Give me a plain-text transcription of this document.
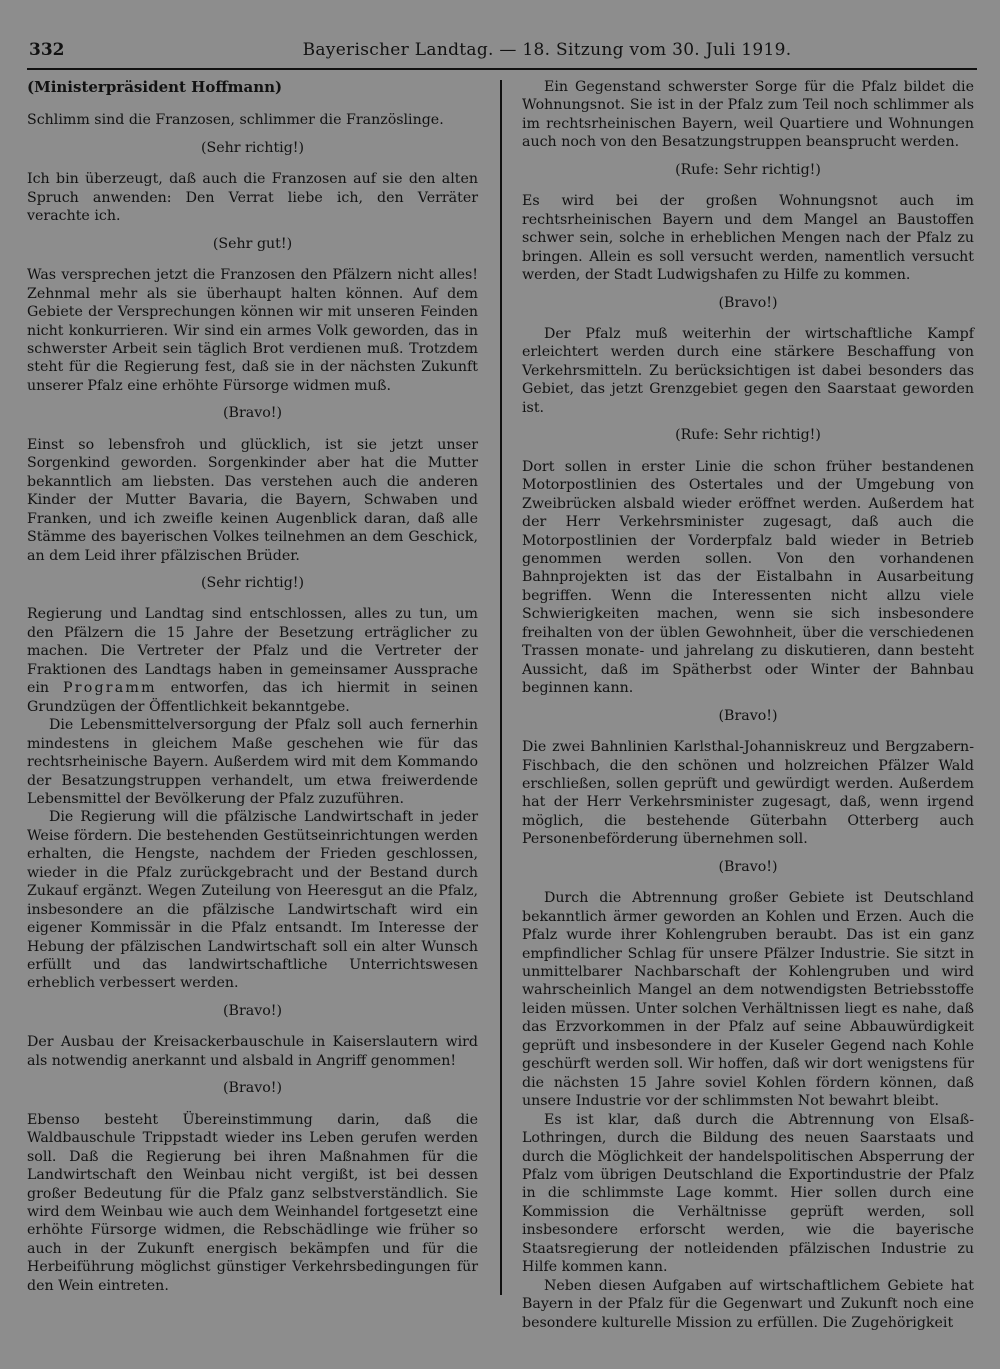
332	Bayerischer Landtag. — 18. Sitzung vom 30. Juli 1919.

(Ministerpräsident Hoffmann)

Schlimm sind die Franzosen, schlimmer die Französlinge.

(Sehr richtig!)

Ich bin überzeugt, daß auch die Franzosen auf sie den alten Spruch anwenden: Den Verrat liebe ich, den Verräter verachte ich.

(Sehr gut!)

Was versprechen jetzt die Franzosen den Pfälzern nicht alles! Zehnmal mehr als sie überhaupt halten können. Auf dem Gebiete der Versprechungen können wir mit unseren Feinden nicht konkurrieren. Wir sind ein armes Volk geworden, das in schwerster Arbeit sein täglich Brot verdienen muß. Trotzdem steht für die Regierung fest, daß sie in der nächsten Zukunft unserer Pfalz eine erhöhte Fürsorge widmen muß.

(Bravo!)

Einst so lebensfroh und glücklich, ist sie jetzt unser Sorgenkind geworden. Sorgenkinder aber hat die Mutter bekanntlich am liebsten. Das verstehen auch die anderen Kinder der Mutter Bavaria, die Bayern, Schwaben und Franken, und ich zweifle keinen Augenblick daran, daß alle Stämme des bayerischen Volkes teilnehmen an dem Geschick, an dem Leid ihrer pfälzischen Brüder.

(Sehr richtig!)

Regierung und Landtag sind entschlossen, alles zu tun, um den Pfälzern die 15 Jahre der Besetzung erträglicher zu machen. Die Vertreter der Pfalz und die Vertreter der Fraktionen des Landtags haben in gemeinsamer Aussprache ein Programm entworfen, das ich hiermit in seinen Grundzügen der Öffentlichkeit bekanntgebe.

Die Lebensmittelversorgung der Pfalz soll auch fernerhin mindestens in gleichem Maße geschehen wie für das rechtsrheinische Bayern. Außerdem wird mit dem Kommando der Besatzungstruppen verhandelt, um etwa freiwerdende Lebensmittel der Bevölkerung der Pfalz zuzuführen.

Die Regierung will die pfälzische Landwirtschaft in jeder Weise fördern. Die bestehenden Gestütseinrichtungen werden erhalten, die Hengste, nachdem der Frieden geschlossen, wieder in die Pfalz zurückgebracht und der Bestand durch Zukauf ergänzt. Wegen Zuteilung von Heeresgut an die Pfalz, insbesondere an die pfälzische Landwirtschaft wird ein eigener Kommissär in die Pfalz entsandt. Im Interesse der Hebung der pfälzischen Landwirtschaft soll ein alter Wunsch erfüllt und das landwirtschaftliche Unterrichtswesen erheblich verbessert werden.

(Bravo!)

Der Ausbau der Kreisackerbauschule in Kaiserslautern wird als notwendig anerkannt und alsbald in Angriff genommen!

(Bravo!)

Ebenso besteht Übereinstimmung darin, daß die Waldbauschule Trippstadt wieder ins Leben gerufen werden soll. Daß die Regierung bei ihren Maßnahmen für die Landwirtschaft den Weinbau nicht vergißt, ist bei dessen großer Bedeutung für die Pfalz ganz selbstverständlich. Sie wird dem Weinbau wie auch dem Weinhandel fortgesetzt eine erhöhte Fürsorge widmen, die Rebschädlinge wie früher so auch in der Zukunft energisch bekämpfen und für die Herbeiführung möglichst günstiger Verkehrsbedingungen für den Wein eintreten.

Ein Gegenstand schwerster Sorge für die Pfalz bildet die Wohnungsnot. Sie ist in der Pfalz zum Teil noch schlimmer als im rechtsrheinischen Bayern, weil Quartiere und Wohnungen auch noch von den Besatzungstruppen beansprucht werden.

(Rufe: Sehr richtig!)

Es wird bei der großen Wohnungsnot auch im rechtsrheinischen Bayern und dem Mangel an Baustoffen schwer sein, solche in erheblichen Mengen nach der Pfalz zu bringen. Allein es soll versucht werden, namentlich versucht werden, der Stadt Ludwigshafen zu Hilfe zu kommen.

(Bravo!)

Der Pfalz muß weiterhin der wirtschaftliche Kampf erleichtert werden durch eine stärkere Beschaffung von Verkehrsmitteln. Zu berücksichtigen ist dabei besonders das Gebiet, das jetzt Grenzgebiet gegen den Saarstaat geworden ist.

(Rufe: Sehr richtig!)

Dort sollen in erster Linie die schon früher bestandenen Motorpostlinien des Ostertales und der Umgebung von Zweibrücken alsbald wieder eröffnet werden. Außerdem hat der Herr Verkehrsminister zugesagt, daß auch die Motorpostlinien der Vorderpfalz bald wieder in Betrieb genommen werden sollen. Von den vorhandenen Bahnprojekten ist das der Eistalbahn in Ausarbeitung begriffen. Wenn die Interessenten nicht allzu viele Schwierigkeiten machen, wenn sie sich insbesondere freihalten von der üblen Gewohnheit, über die verschiedenen Trassen monate- und jahrelang zu diskutieren, dann besteht Aussicht, daß im Spätherbst oder Winter der Bahnbau beginnen kann.

(Bravo!)

Die zwei Bahnlinien Karlsthal-Johanniskreuz und Bergzabern-Fischbach, die den schönen und holzreichen Pfälzer Wald erschließen, sollen geprüft und gewürdigt werden. Außerdem hat der Herr Verkehrsminister zugesagt, daß, wenn irgend möglich, die bestehende Güterbahn Otterberg auch Personenbeförderung übernehmen soll.

(Bravo!)

Durch die Abtrennung großer Gebiete ist Deutschland bekanntlich ärmer geworden an Kohlen und Erzen. Auch die Pfalz wurde ihrer Kohlengruben beraubt. Das ist ein ganz empfindlicher Schlag für unsere Pfälzer Industrie. Sie sitzt in unmittelbarer Nachbarschaft der Kohlengruben und wird wahrscheinlich Mangel an dem notwendigsten Betriebsstoffe leiden müssen. Unter solchen Verhältnissen liegt es nahe, daß das Erzvorkommen in der Pfalz auf seine Abbauwürdigkeit geprüft und insbesondere in der Kuseler Gegend nach Kohle geschürft werden soll. Wir hoffen, daß wir dort wenigstens für die nächsten 15 Jahre soviel Kohlen fördern können, daß unsere Industrie vor der schlimmsten Not bewahrt bleibt.

Es ist klar, daß durch die Abtrennung von Elsaß-Lothringen, durch die Bildung des neuen Saarstaats und durch die Möglichkeit der handelspolitischen Absperrung der Pfalz vom übrigen Deutschland die Exportindustrie der Pfalz in die schlimmste Lage kommt. Hier sollen durch eine Kommission die Verhältnisse geprüft werden, soll insbesondere erforscht werden, wie die bayerische Staatsregierung der notleidenden pfälzischen Industrie zu Hilfe kommen kann.

Neben diesen Aufgaben auf wirtschaftlichem Gebiete hat Bayern in der Pfalz für die Gegenwart und Zukunft noch eine besondere kulturelle Mission zu erfüllen. Die Zugehörigkeit
